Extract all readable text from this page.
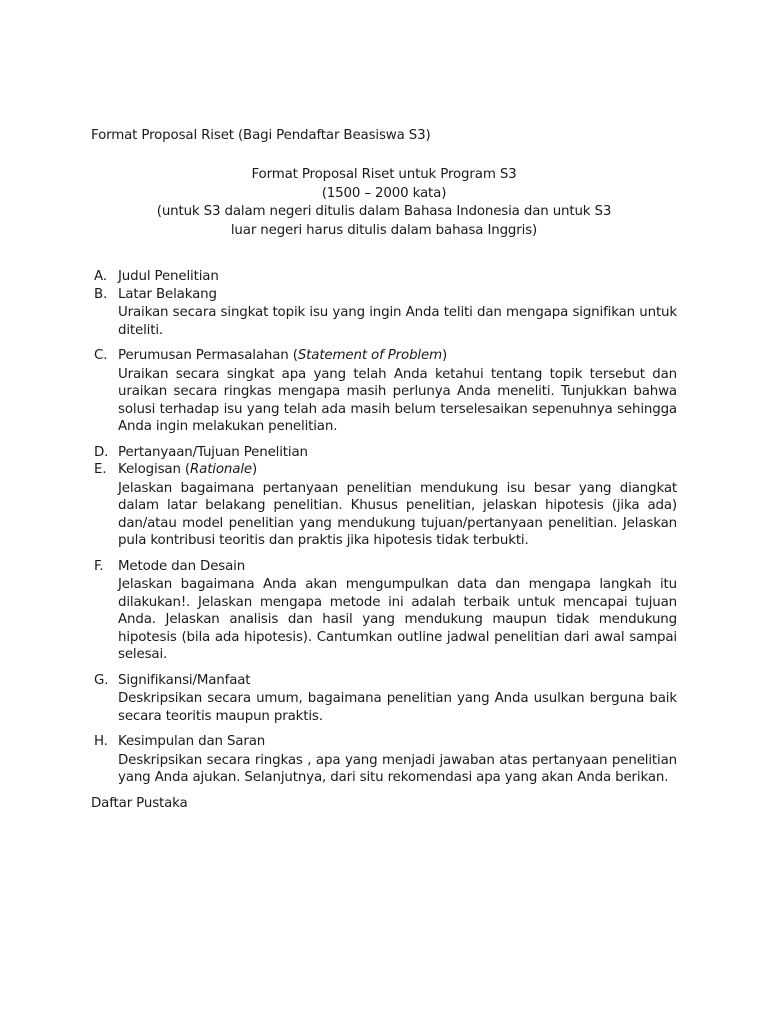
Format Proposal Riset (Bagi Pendaftar Beasiswa S3)
Format Proposal Riset untuk Program S3
(1500 – 2000 kata)
(untuk S3 dalam negeri ditulis dalam Bahasa Indonesia dan untuk S3
luar negeri harus ditulis dalam bahasa Inggris)
A. Judul Penelitian
B. Latar Belakang
Uraikan secara singkat topik isu yang ingin Anda teliti dan mengapa signifikan untuk diteliti.
C. Perumusan Permasalahan (Statement of Problem)
Uraikan secara singkat apa yang telah Anda ketahui tentang topik tersebut dan uraikan secara ringkas mengapa masih perlunya Anda meneliti. Tunjukkan bahwa solusi terhadap isu yang telah ada masih belum terselesaikan sepenuhnya sehingga Anda ingin melakukan penelitian.
D. Pertanyaan/Tujuan Penelitian
E. Kelogisan (Rationale)
Jelaskan bagaimana pertanyaan penelitian mendukung isu besar yang diangkat dalam latar belakang penelitian. Khusus penelitian, jelaskan hipotesis (jika ada) dan/atau model penelitian yang mendukung tujuan/pertanyaan penelitian. Jelaskan pula kontribusi teoritis dan praktis jika hipotesis tidak terbukti.
F. Metode dan Desain
Jelaskan bagaimana Anda akan mengumpulkan data dan mengapa langkah itu dilakukan!. Jelaskan mengapa metode ini adalah terbaik untuk mencapai tujuan Anda. Jelaskan analisis dan hasil yang mendukung maupun tidak mendukung hipotesis (bila ada hipotesis). Cantumkan outline jadwal penelitian dari awal sampai selesai.
G. Signifikansi/Manfaat
Deskripsikan secara umum, bagaimana penelitian yang Anda usulkan berguna baik secara teoritis maupun praktis.
H. Kesimpulan dan Saran
Deskripsikan secara ringkas , apa yang menjadi jawaban atas pertanyaan penelitian yang Anda ajukan. Selanjutnya, dari situ rekomendasi apa yang akan Anda berikan.
Daftar Pustaka
